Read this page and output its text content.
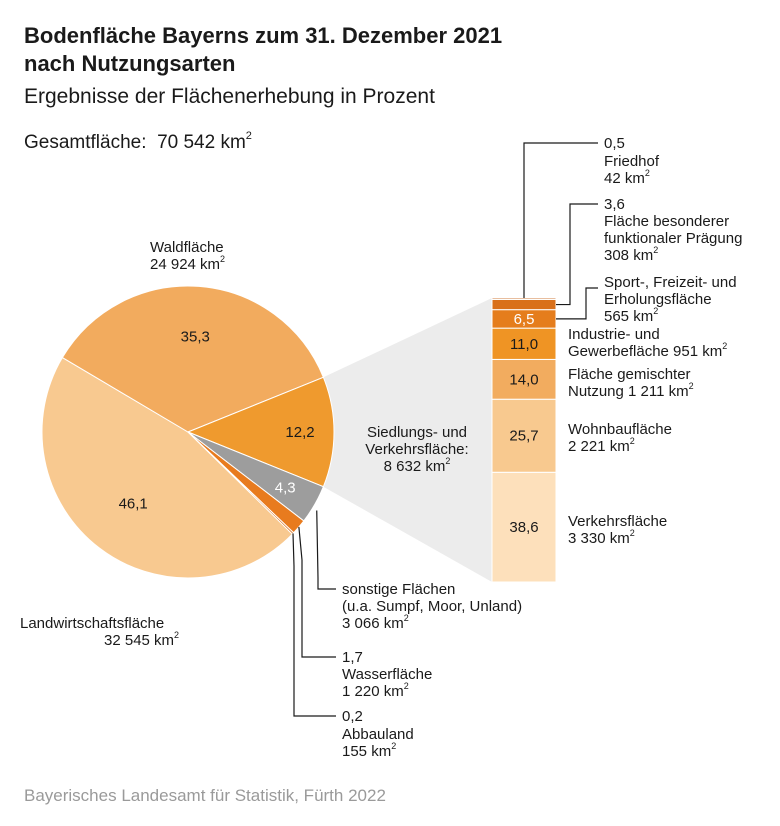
Bodenfläche Bayerns zum 31. Dezember 2021
nach Nutzungsarten
Ergebnisse der Flächenerhebung in Prozent
Gesamtfläche: 70 542 $km^2$
46,1
35,3
12,2
4,3
Waldfläche
24 924 $km^2$
Landwirtschaftsfläche
32 545 $km^2$
Siedlungs- und
Verkehrsfläche:
8 632 $km^2$
sonstige Flächen
(u.a. Sumpf, Moor, Unland)
3 066 $km^2$
1,7
Wasserfläche
1 220 $km^2$
0,2
Abbauland
155 $km^2$
38,6
25,7
14,0
11,0
6,5
Verkehrsfläche
3 330 $km^2$
Wohnbaufläche
2 221 $km^2$
Fläche gemischter
Nutzung 1 211 $km^2$
Industrie- und
Gewerbefläche 951 $km^2$
Sport-, Freizeit- und
Erholungsfläche
565 $km^2$
3,6
Fläche besonderer
funktionaler Prägung
308 $km^2$
0,5
Friedhof
42 $km^2$
Bayerisches Landesamt für Statistik, Fürth 2022
